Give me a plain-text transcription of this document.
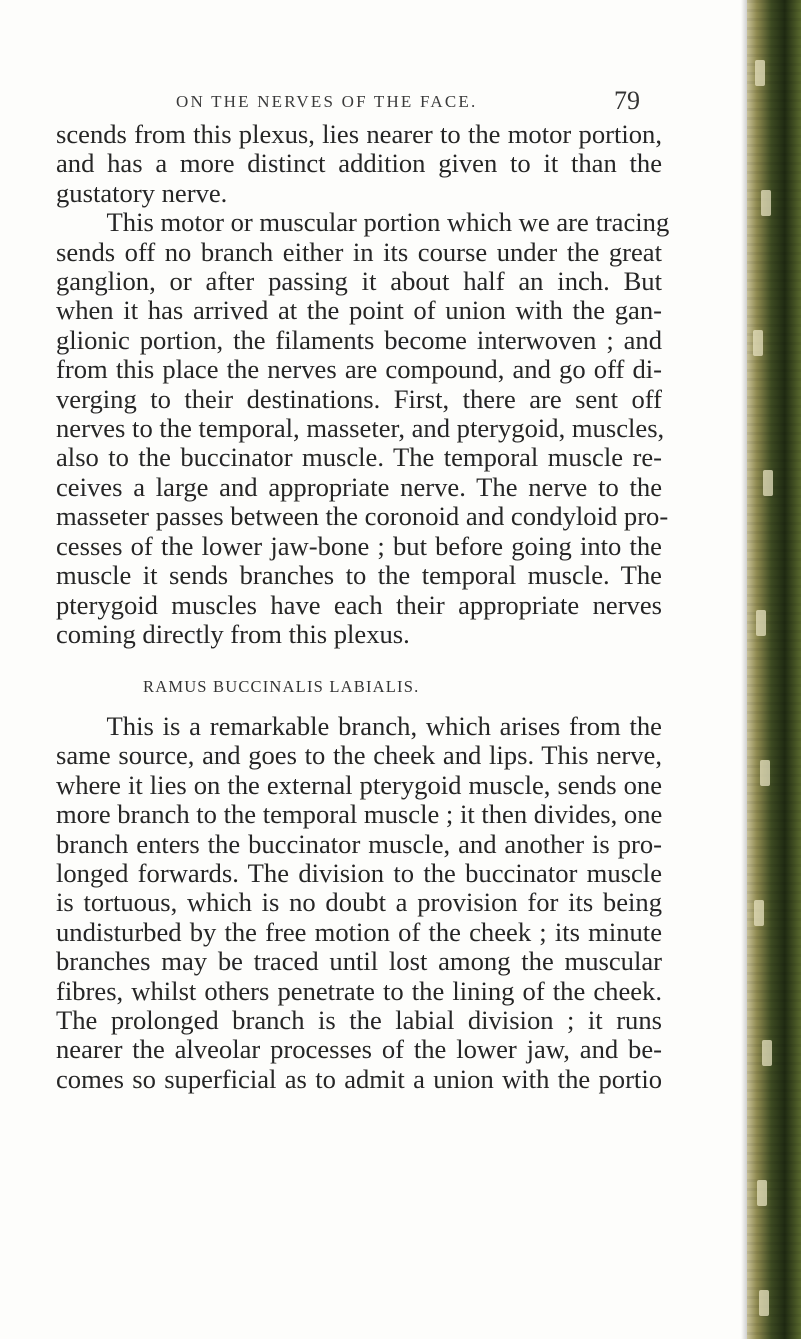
ON THE NERVES OF THE FACE.	79
scends from this plexus, lies nearer to the motor portion,
and has a more distinct addition given to it than the
gustatory nerve.
This motor or muscular portion which we are tracing
sends off no branch either in its course under the great
ganglion, or after passing it about half an inch. But
when it has arrived at the point of union with the gan-
glionic portion, the filaments become interwoven ; and
from this place the nerves are compound, and go off di-
verging to their destinations. First, there are sent off
nerves to the temporal, masseter, and pterygoid, muscles,
also to the buccinator muscle. The temporal muscle re-
ceives a large and appropriate nerve. The nerve to the
masseter passes between the coronoid and condyloid pro-
cesses of the lower jaw-bone ; but before going into the
muscle it sends branches to the temporal muscle. The
pterygoid muscles have each their appropriate nerves
coming directly from this plexus.
RAMUS BUCCINALIS LABIALIS.
This is a remarkable branch, which arises from the
same source, and goes to the cheek and lips. This nerve,
where it lies on the external pterygoid muscle, sends one
more branch to the temporal muscle ; it then divides, one
branch enters the buccinator muscle, and another is pro-
longed forwards. The division to the buccinator muscle
is tortuous, which is no doubt a provision for its being
undisturbed by the free motion of the cheek ; its minute
branches may be traced until lost among the muscular
fibres, whilst others penetrate to the lining of the cheek.
The prolonged branch is the labial division ; it runs
nearer the alveolar processes of the lower jaw, and be-
comes so superficial as to admit a union with the portio
